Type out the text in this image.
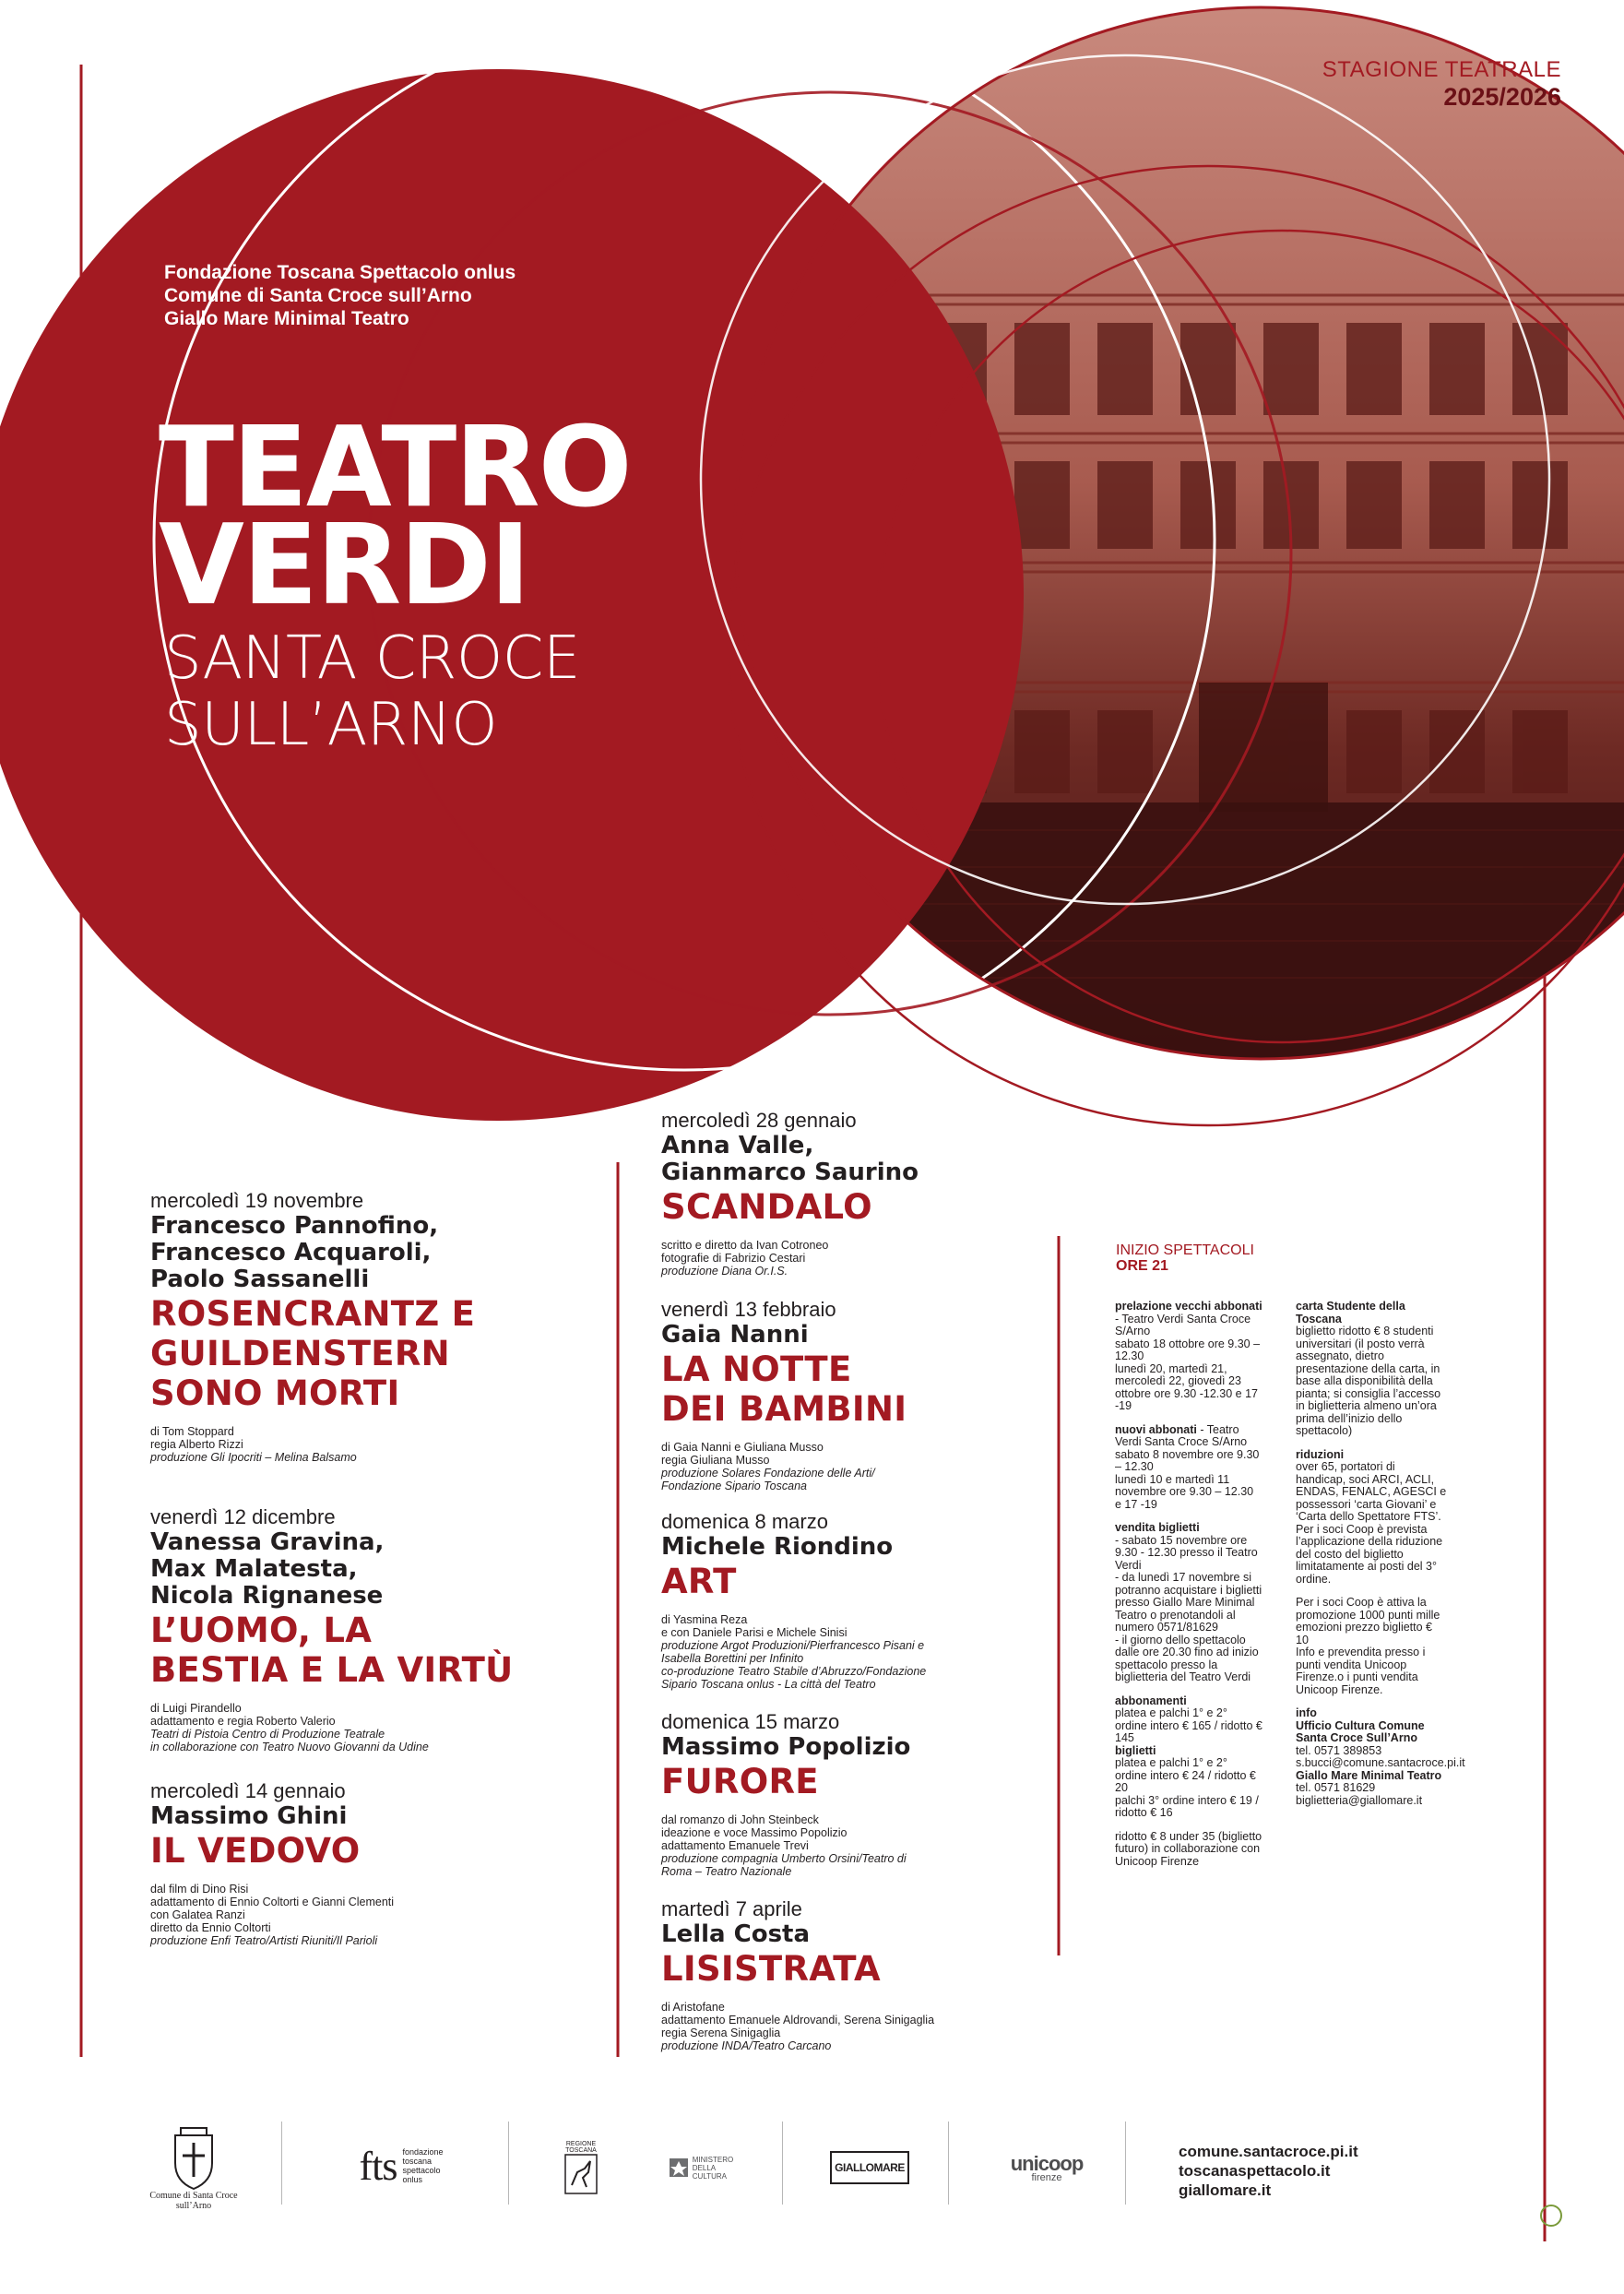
STAGIONE TEATRALE
2025/2026
Fondazione Toscana Spettacolo onlus
Comune di Santa Croce sull’Arno
Giallo Mare Minimal Teatro
TEATRO
VERDI
SANTA CROCE
SULL’ARNO
mercoledì 19 novembre
Francesco Pannofino,
Francesco Acquaroli,
Paolo Sassanelli
ROSENCRANTZ E
GUILDENSTERN
SONO MORTI
di Tom Stoppard
regia Alberto Rizzi
produzione Gli Ipocriti – Melina Balsamo
venerdì 12 dicembre
Vanessa Gravina,
Max Malatesta,
Nicola Rignanese
L’UOMO, LA
BESTIA E LA VIRTÙ
di Luigi Pirandello
adattamento e regia Roberto Valerio
Teatri di Pistoia Centro di Produzione Teatrale
in collaborazione con Teatro Nuovo Giovanni da Udine
mercoledì 14 gennaio
Massimo Ghini
IL VEDOVO
dal film di Dino Risi
adattamento di Ennio Coltorti e Gianni Clementi
con Galatea Ranzi
diretto da Ennio Coltorti
produzione Enfi Teatro/Artisti Riuniti/Il Parioli
mercoledì 28 gennaio
Anna Valle,
Gianmarco Saurino
SCANDALO
scritto e diretto da Ivan Cotroneo
fotografie di Fabrizio Cestari
produzione Diana Or.I.S.
venerdì 13 febbraio
Gaia Nanni
LA NOTTE
DEI BAMBINI
di Gaia Nanni e Giuliana Musso
regia Giuliana Musso
produzione Solares Fondazione delle Arti/
Fondazione Sipario Toscana
domenica 8 marzo
Michele Riondino
ART
di Yasmina Reza
e con Daniele Parisi e Michele Sinisi
produzione Argot Produzioni/Pierfrancesco Pisani e
Isabella Borettini per Infinito
co-produzione Teatro Stabile d’Abruzzo/Fondazione
Sipario Toscana onlus - La città del Teatro
domenica 15 marzo
Massimo Popolizio
FURORE
dal romanzo di John Steinbeck
ideazione e voce Massimo Popolizio
adattamento Emanuele Trevi
produzione compagnia Umberto Orsini/Teatro di
Roma – Teatro Nazionale
martedì 7 aprile
Lella Costa
LISISTRATA
di Aristofane
adattamento Emanuele Aldrovandi, Serena Sinigaglia
regia Serena Sinigaglia
produzione INDA/Teatro Carcano
INIZIO SPETTACOLI
ORE 21
prelazione vecchi abbonati - Teatro Verdi Santa Croce S/Arno
sabato 18 ottobre ore 9.30 – 12.30
lunedì 20, martedì 21, mercoledì 22, giovedì 23 ottobre ore 9.30 -12.30 e 17 -19
nuovi abbonati - Teatro Verdi Santa Croce S/Arno
sabato 8 novembre ore 9.30 – 12.30
lunedì 10 e martedì 11 novembre ore 9.30 – 12.30 e 17 -19
vendita biglietti
- sabato 15 novembre ore 9.30 - 12.30 presso il Teatro Verdi
- da lunedì 17 novembre si potranno acquistare i biglietti presso Giallo Mare Minimal Teatro o prenotandoli al numero 0571/81629
- il giorno dello spettacolo dalle ore 20.30 fino ad inizio spettacolo presso la biglietteria del Teatro Verdi
abbonamenti
platea e palchi 1° e 2° ordine intero € 165 / ridotto € 145
biglietti
platea e palchi 1° e 2° ordine intero € 24 / ridotto € 20
palchi 3° ordine intero € 19 / ridotto € 16
ridotto € 8 under 35 (biglietto futuro) in collaborazione con Unicoop Firenze
carta Studente della Toscana
biglietto ridotto € 8 studenti universitari (il posto verrà assegnato, dietro presentazione della carta, in base alla disponibilità della pianta; si consiglia l’accesso in biglietteria almeno un’ora prima dell’inizio dello spettacolo)
riduzioni
over 65, portatori di handicap, soci ARCI, ACLI, ENDAS, FENALC, AGESCI e possessori ‘carta Giovani’ e ‘Carta dello Spettatore FTS’.
Per i soci Coop è prevista l’applicazione della riduzione del costo del biglietto limitatamente ai posti del 3° ordine.
Per i soci Coop è attiva la promozione 1000 punti mille emozioni prezzo biglietto € 10
Info e prevendita presso i punti vendita Unicoop Firenze.o i punti vendita Unicoop Firenze.
info
Ufficio Cultura Comune Santa Croce Sull’Arno
tel. 0571 389853
s.bucci@comune.santacroce.pi.it
Giallo Mare Minimal Teatro
tel. 0571 81629
biglietteria@giallomare.it
Comune di Santa Croce sull’Arno
fts fondazione
toscana
spettacolo
onlus
REGIONE TOSCANA
MINISTERO
DELLA
CULTURA
GIALLOMARE	unicoop
firenze
comune.santacroce.pi.it
toscanaspettacolo.it
giallomare.it
